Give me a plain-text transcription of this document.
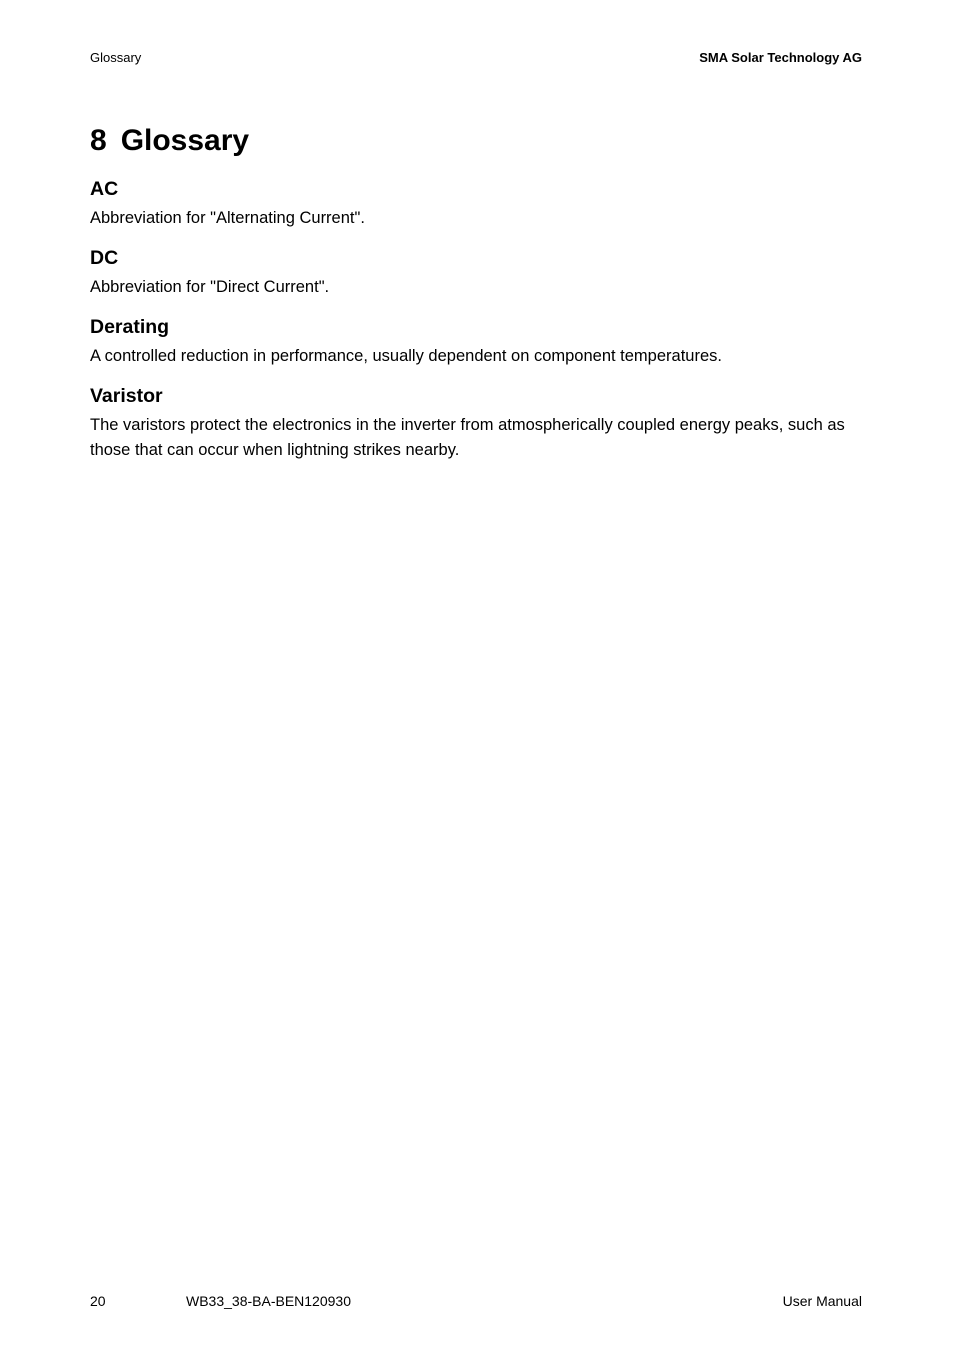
Glossary	SMA Solar Technology AG
8 Glossary
AC

Abbreviation for "Alternating Current".

DC

Abbreviation for "Direct Current".

Derating

A controlled reduction in performance, usually dependent on component temperatures.

Varistor

The varistors protect the electronics in the inverter from atmospherically coupled energy peaks, such as those that can occur when lightning strikes nearby.

20	WB33_38-BA-BEN120930	User Manual
